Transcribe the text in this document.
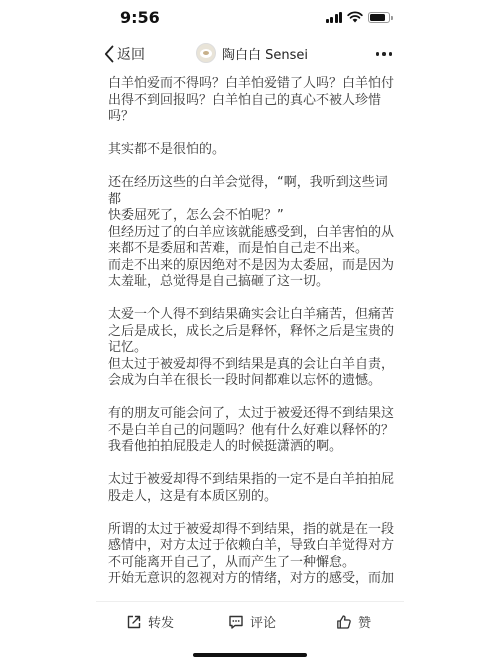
9:56
返回	陶白白 Sensei
白羊怕爱而不得吗？白羊怕爱错了人吗？白羊怕付
出得不到回报吗？白羊怕自己的真心不被人珍惜吗？
其实都不是很怕的。
还在经历这些的白羊会觉得，“啊，我听到这些词都
快委屈死了，怎么会不怕呢？”
但经历过了的白羊应该就能感受到，白羊害怕的从
来都不是委屈和苦难，而是怕自己走不出来。
而走不出来的原因绝对不是因为太委屈，而是因为
太羞耻，总觉得是自己搞砸了这一切。
太爱一个人得不到结果确实会让白羊痛苦，但痛苦
之后是成长，成长之后是释怀，释怀之后是宝贵的
记忆。
但太过于被爱却得不到结果是真的会让白羊自责，
会成为白羊在很长一段时间都难以忘怀的遗憾。
有的朋友可能会问了，太过于被爱还得不到结果这
不是白羊自己的问题吗？他有什么好难以释怀的？
我看他拍拍屁股走人的时候挺潇洒的啊。
太过于被爱却得不到结果指的一定不是白羊拍拍屁
股走人，这是有本质区别的。
所谓的太过于被爱却得不到结果，指的就是在一段
感情中，对方太过于依赖白羊，导致白羊觉得对方
不可能离开自己了，从而产生了一种懈怠。
开始无意识的忽视对方的情绪，对方的感受，而加
转发	评论	赞
